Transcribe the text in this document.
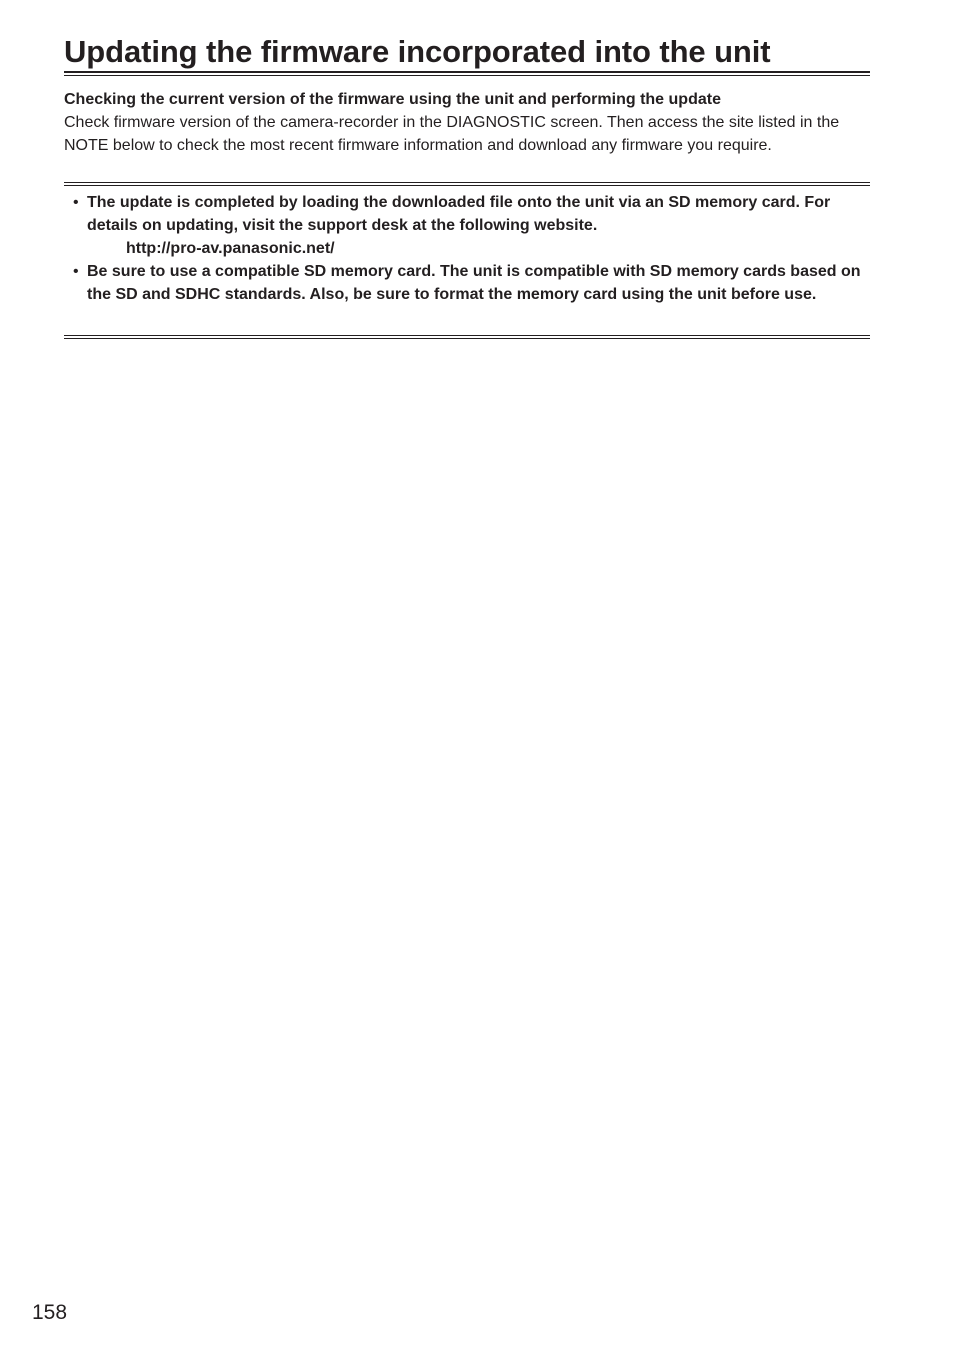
Updating the firmware incorporated into the unit
Checking the current version of the firmware using the unit and performing the update
Check firmware version of the camera-recorder in the DIAGNOSTIC screen. Then access the site listed in the NOTE below to check the most recent firmware information and download any firmware you require.
• The update is completed by loading the downloaded file onto the unit via an SD memory card. For details on updating, visit the support desk at the following website.
http://pro-av.panasonic.net/
• Be sure to use a compatible SD memory card. The unit is compatible with SD memory cards based on the SD and SDHC standards. Also, be sure to format the memory card using the unit before use.
158
